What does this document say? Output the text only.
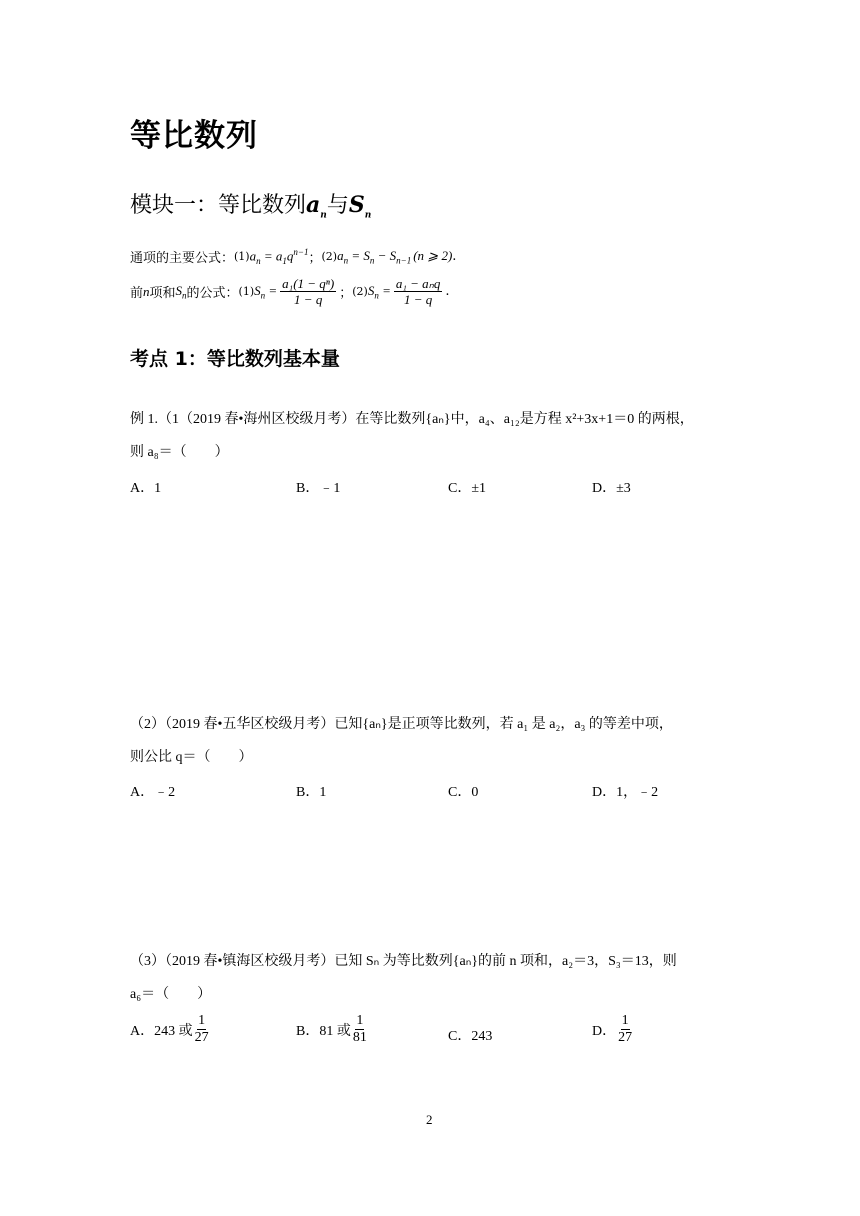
等比数列
模块一：等比数列$a_n$与$S_n$
通项的主要公式： (1) $a_n = a_1q^{n-1}$ ； (2) $a_n = S_n - S_{n-1}$ (n ⩾ 2) .
前 n 项和 $S_n$ 的公式： (1) $S_n = \frac{\text{a₁(1 − qⁿ)}}{1 - q}$ ； (2) $S_n = \frac{\text{a₁ − aₙq}}{1 - q}$ .
考点 1：等比数列基本量
例 1.（1（2019 春•海州区校级月考）在等比数列{aₙ}中，a₄、a₁₂是方程 x²+3x+1＝0 的两根，
则 a₈＝（　　）
A．1	B．﹣1	C．±1	D．±3
（2）（2019 春•五华区校级月考）已知{aₙ}是正项等比数列，若 a₁ 是 a₂，a₃ 的等差中项，
则公比 q＝（　　）
A．﹣2	B．1	C．0	D．1，﹣2
（3）（2019 春•镇海区校级月考）已知 Sₙ 为等比数列{aₙ}的前 n 项和，a₂＝3，S₃＝13，则
a₆＝（　　）
A．243 或 $\frac{1}{27}$	B．81 或 $\frac{1}{81}$	C．243	D． $\frac{1}{27}$
2
